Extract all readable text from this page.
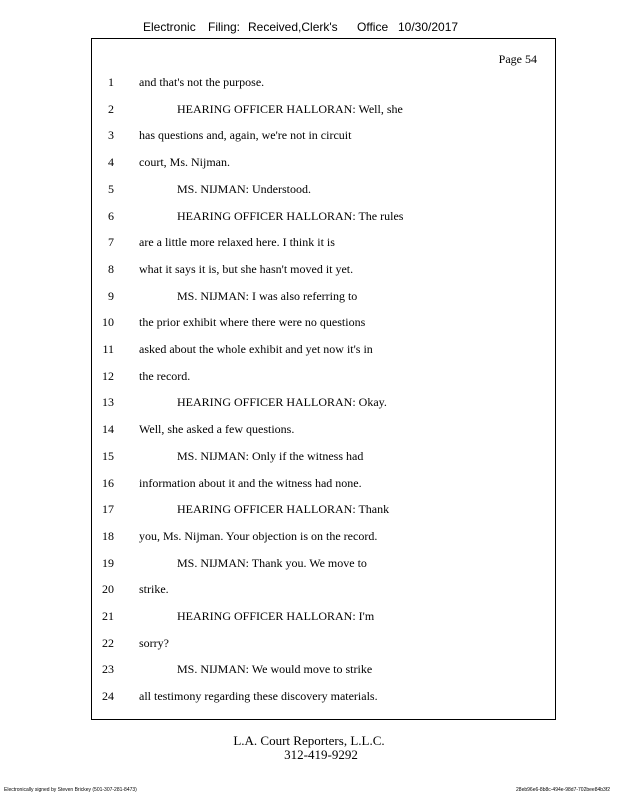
Electronic Filing: Received,Clerk's Office 10/30/2017
Page 54
1 and that's not the purpose.
2	HEARING OFFICER HALLORAN: Well, she
3 has questions and, again, we're not in circuit
4 court, Ms. Nijman.
5	MS. NIJMAN: Understood.
6	HEARING OFFICER HALLORAN: The rules
7 are a little more relaxed here. I think it is
8 what it says it is, but she hasn't moved it yet.
9	MS. NIJMAN: I was also referring to
10 the prior exhibit where there were no questions
11 asked about the whole exhibit and yet now it's in
12 the record.
13	HEARING OFFICER HALLORAN: Okay.
14 Well, she asked a few questions.
15	MS. NIJMAN: Only if the witness had
16 information about it and the witness had none.
17	HEARING OFFICER HALLORAN: Thank
18 you, Ms. Nijman. Your objection is on the record.
19	MS. NIJMAN: Thank you. We move to
20 strike.
21	HEARING OFFICER HALLORAN: I'm
22 sorry?
23	MS. NIJMAN: We would move to strike
24 all testimony regarding these discovery materials.
L.A. Court Reporters, L.L.C.
312-419-9292
Electronically signed by Steven Brickey (501-307-281-8473)	28eb96e6-8b8c-494e-98d7-702bee84b3f2
